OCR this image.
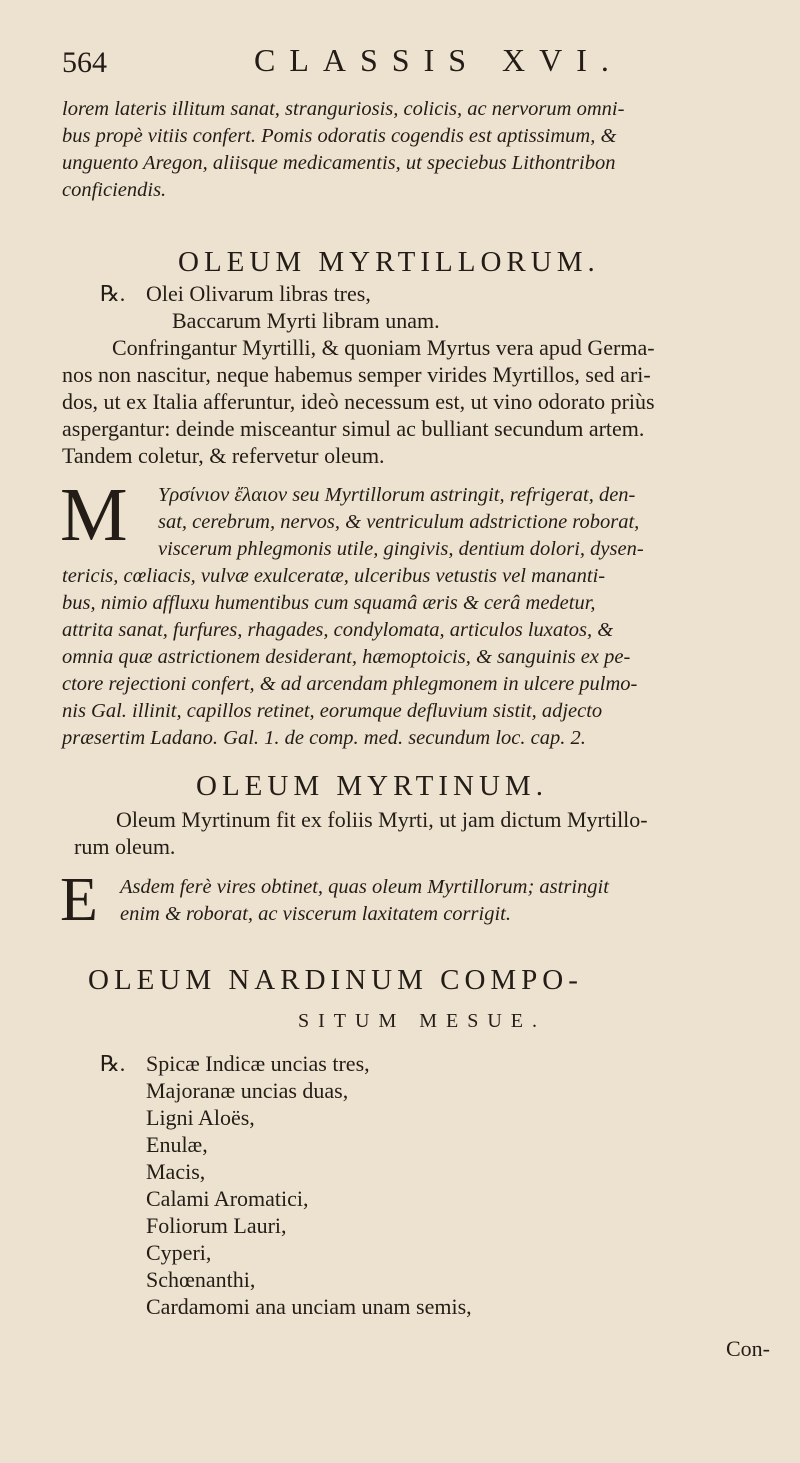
564	CLASSIS XVI.
lorem lateris illitum sanat, stranguriosis, colicis, ac nervorum omni-
bus propè vitiis confert. Pomis odoratis cogendis est aptissimum, &
unguento Aregon, aliisque medicamentis, ut speciebus Lithontribon
conficiendis.
OLEUM MYRTILLORUM.
℞. Olei Olivarum libras tres,
Baccarum Myrti libram unam.
Confringantur Myrtilli, & quoniam Myrtus vera apud Germa-
nos non nascitur, neque habemus semper virides Myrtillos, sed ari-
dos, ut ex Italia afferuntur, ideò necessum est, ut vino odorato priùs
aspergantur: deinde misceantur simul ac bulliant secundum artem.
Tandem coletur, & refervetur oleum.
M	Υρσίνιον ἔλαιον seu Myrtillorum astringit, refrigerat, den-
sat, cerebrum, nervos, & ventriculum adstrictione roborat,
viscerum phlegmonis utile, gingivis, dentium dolori, dysen-
tericis, cœliacis, vulvæ exulceratæ, ulceribus vetustis vel mananti-
bus, nimio affluxu humentibus cum squamâ æris & cerâ medetur,
attrita sanat, furfures, rhagades, condylomata, articulos luxatos, &
omnia quæ astrictionem desiderant, hæmoptoicis, & sanguinis ex pe-
ctore rejectioni confert, & ad arcendam phlegmonem in ulcere pulmo-
nis Gal. illinit, capillos retinet, eorumque defluvium sistit, adjecto
præsertim Ladano. Gal. 1. de comp. med. secundum loc. cap. 2.
OLEUM MYRTINUM.
Oleum Myrtinum fit ex foliis Myrti, ut jam dictum Myrtillo-
rum oleum.
E	Asdem ferè vires obtinet, quas oleum Myrtillorum; astringit
enim & roborat, ac viscerum laxitatem corrigit.
OLEUM NARDINUM COMPO-
SITUM MESUE.
℞. Spicæ Indicæ uncias tres,
Majoranæ uncias duas,
Ligni Aloës,
Enulæ,
Macis,
Calami Aromatici,
Foliorum Lauri,
Cyperi,
Schœnanthi,
Cardamomi ana unciam unam semis,
Con-
